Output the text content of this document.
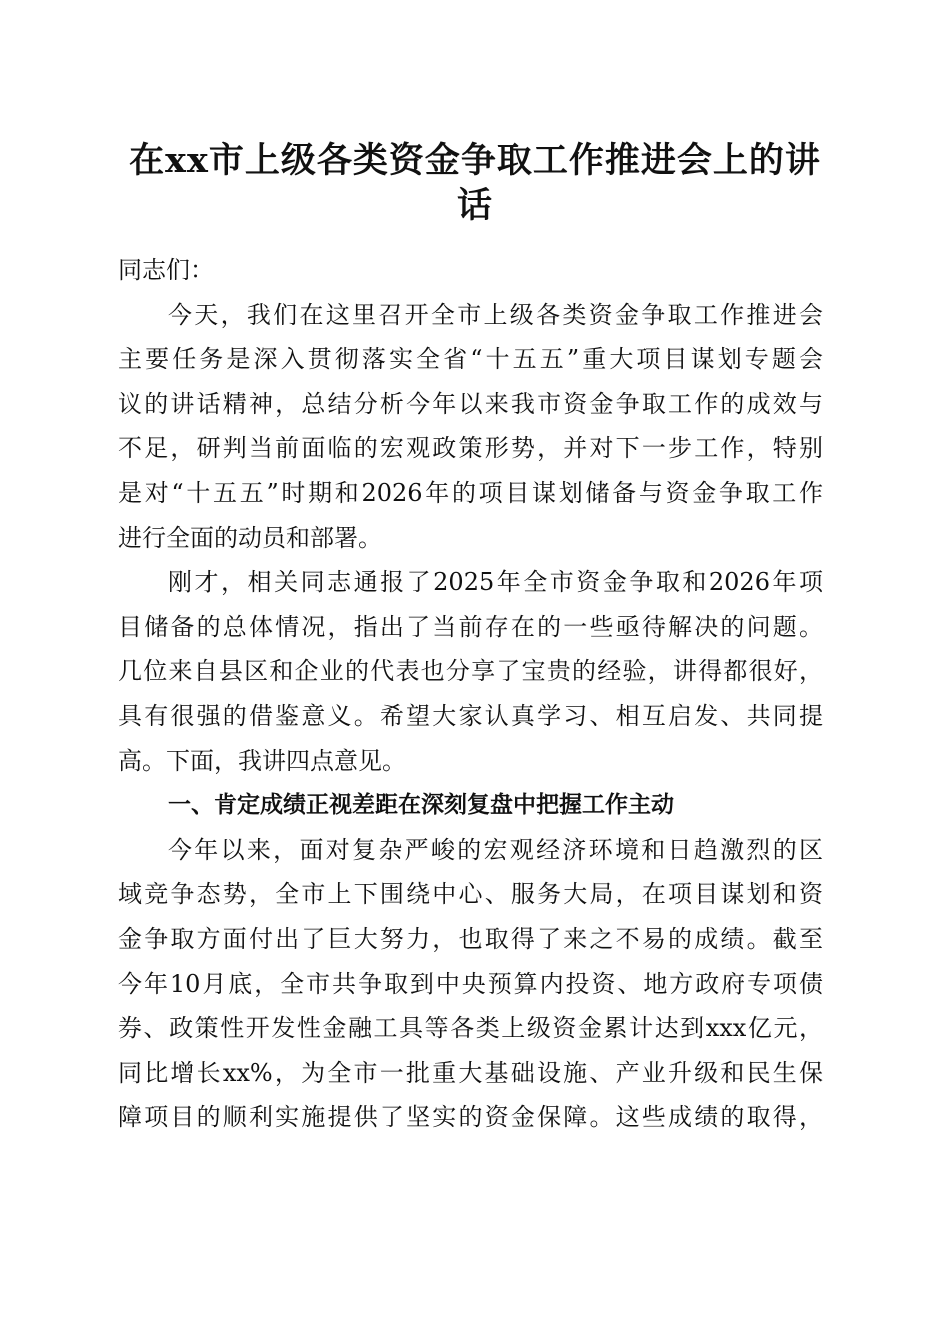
在xx市上级各类资金争取工作推进会上的讲
话
同志们：
今天，我们在这里召开全市上级各类资金争取工作推进会
主要任务是深入贯彻落实全省“十五五”重大项目谋划专题会
议的讲话精神，总结分析今年以来我市资金争取工作的成效与
不足，研判当前面临的宏观政策形势，并对下一步工作，特别
是对“十五五”时期和2026年的项目谋划储备与资金争取工作
进行全面的动员和部署。
刚才，相关同志通报了2025年全市资金争取和2026年项
目储备的总体情况，指出了当前存在的一些亟待解决的问题。
几位来自县区和企业的代表也分享了宝贵的经验，讲得都很好，
具有很强的借鉴意义。希望大家认真学习、相互启发、共同提
高。下面，我讲四点意见。
一、肯定成绩正视差距在深刻复盘中把握工作主动
今年以来，面对复杂严峻的宏观经济环境和日趋激烈的区
域竞争态势，全市上下围绕中心、服务大局，在项目谋划和资
金争取方面付出了巨大努力，也取得了来之不易的成绩。截至
今年10月底，全市共争取到中央预算内投资、地方政府专项债
券、政策性开发性金融工具等各类上级资金累计达到xxx亿元，
同比增长xx%，为全市一批重大基础设施、产业升级和民生保
障项目的顺利实施提供了坚实的资金保障。这些成绩的取得，
